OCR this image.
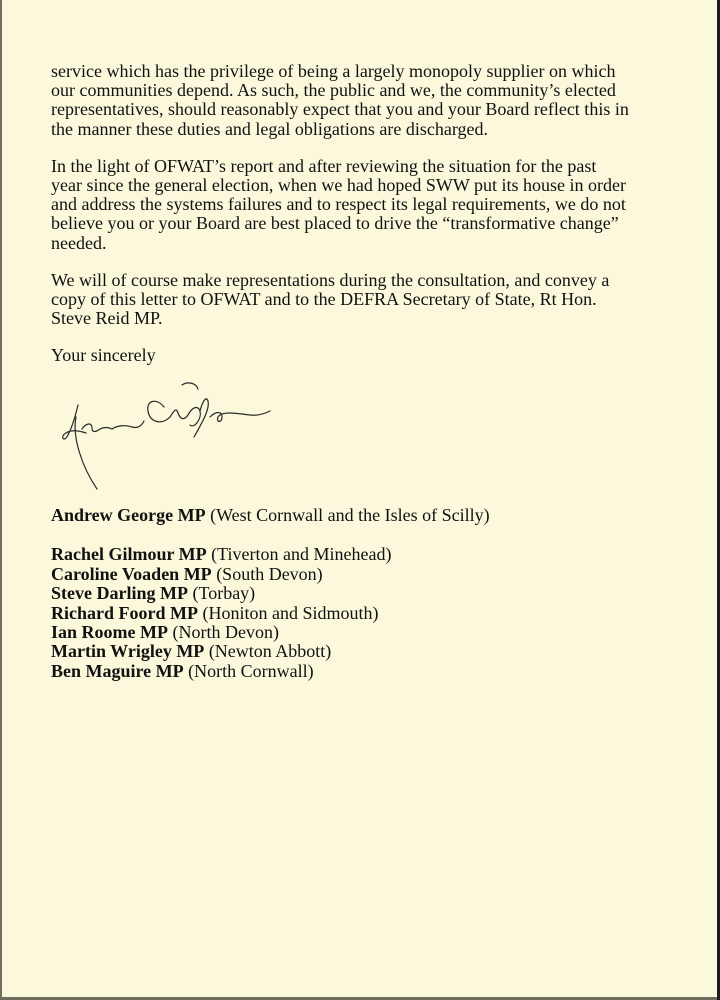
service which has the privilege of being a largely monopoly supplier on which
our communities depend. As such, the public and we, the community’s elected
representatives, should reasonably expect that you and your Board reflect this in
the manner these duties and legal obligations are discharged.

In the light of OFWAT’s report and after reviewing the situation for the past
year since the general election, when we had hoped SWW put its house in order
and address the systems failures and to respect its legal requirements, we do not
believe you or your Board are best placed to drive the “transformative change”
needed.

We will of course make representations during the consultation, and convey a
copy of this letter to OFWAT and to the DEFRA Secretary of State, Rt Hon.
Steve Reid MP.

Your sincerely

Andrew George MP (West Cornwall and the Isles of Scilly)

Rachel Gilmour MP (Tiverton and Minehead)

Caroline Voaden MP (South Devon)

Steve Darling MP (Torbay)

Richard Foord MP (Honiton and Sidmouth)

Ian Roome MP (North Devon)

Martin Wrigley MP (Newton Abbott)

Ben Maguire MP (North Cornwall)
